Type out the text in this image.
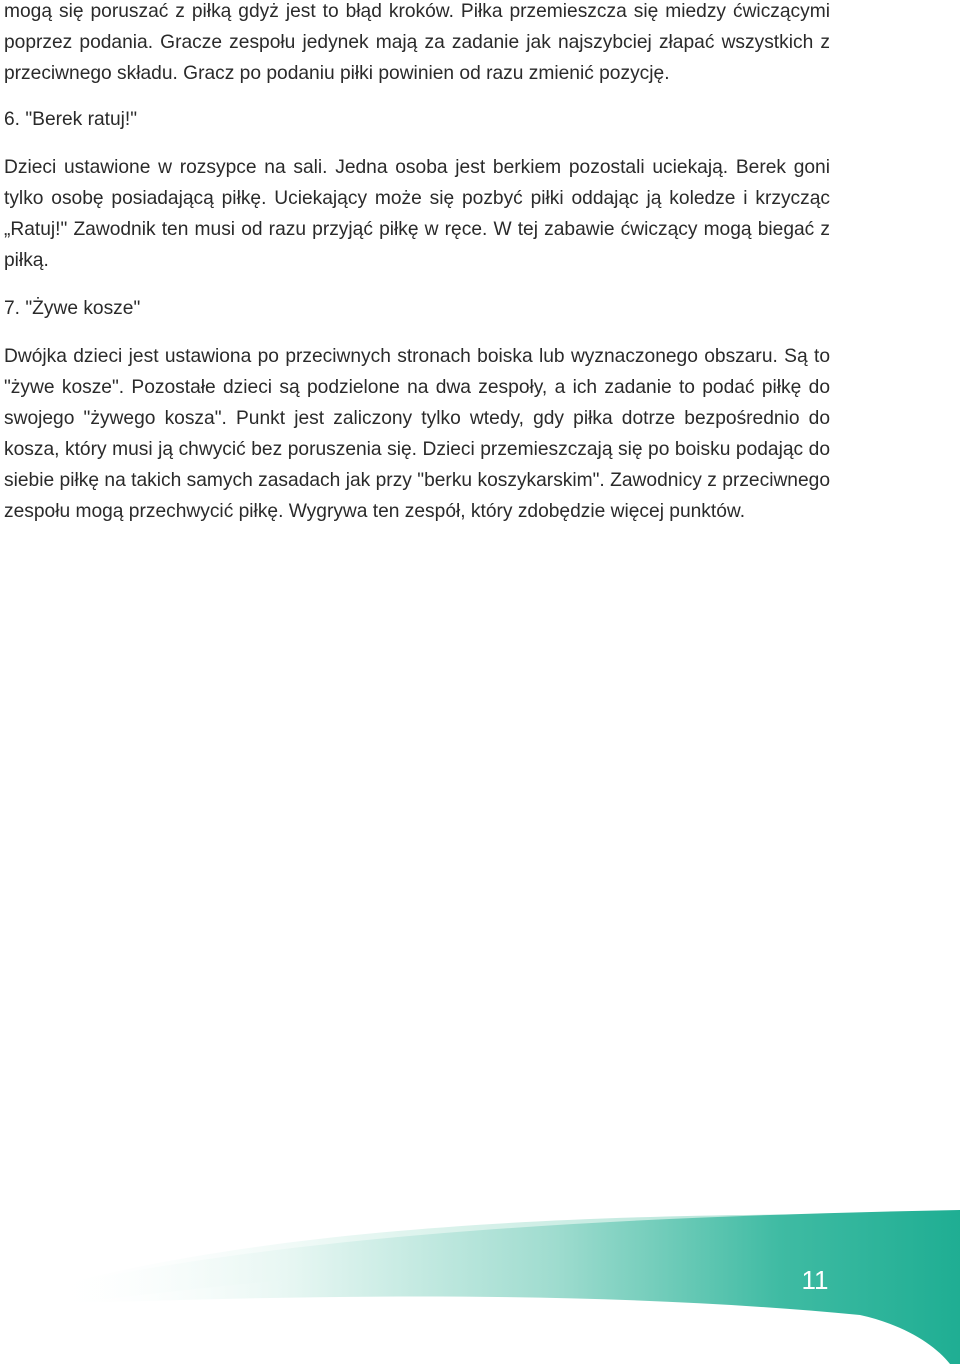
mogą się poruszać z piłką gdyż jest to błąd kroków. Piłka przemieszcza się miedzy ćwiczącymi poprzez podania. Gracze zespołu jedynek mają za zadanie jak najszybciej złapać wszystkich z przeciwnego składu. Gracz po podaniu piłki powinien od razu zmienić pozycję.

6. "Berek ratuj!"

Dzieci ustawione w rozsypce na sali. Jedna osoba jest berkiem pozostali uciekają. Berek goni tylko osobę posiadającą piłkę. Uciekający może się pozbyć piłki oddając ją koledze i krzycząc „Ratuj!" Zawodnik ten musi od razu przyjąć piłkę w ręce. W tej zabawie ćwiczący mogą biegać z piłką.

7. "Żywe kosze"

Dwójka dzieci jest ustawiona po przeciwnych stronach boiska lub wyznaczonego obszaru. Są to "żywe kosze". Pozostałe dzieci są podzielone na dwa zespoły, a ich zadanie to podać piłkę do swojego "żywego kosza". Punkt jest zaliczony tylko wtedy, gdy piłka dotrze bezpośrednio do kosza, który musi ją chwycić bez poruszenia się. Dzieci przemieszczają się po boisku podając do siebie piłkę na takich samych zasadach jak przy "berku koszykarskim". Zawodnicy z przeciwnego zespołu mogą przechwycić piłkę. Wygrywa ten zespół, który zdobędzie więcej punktów.

11
